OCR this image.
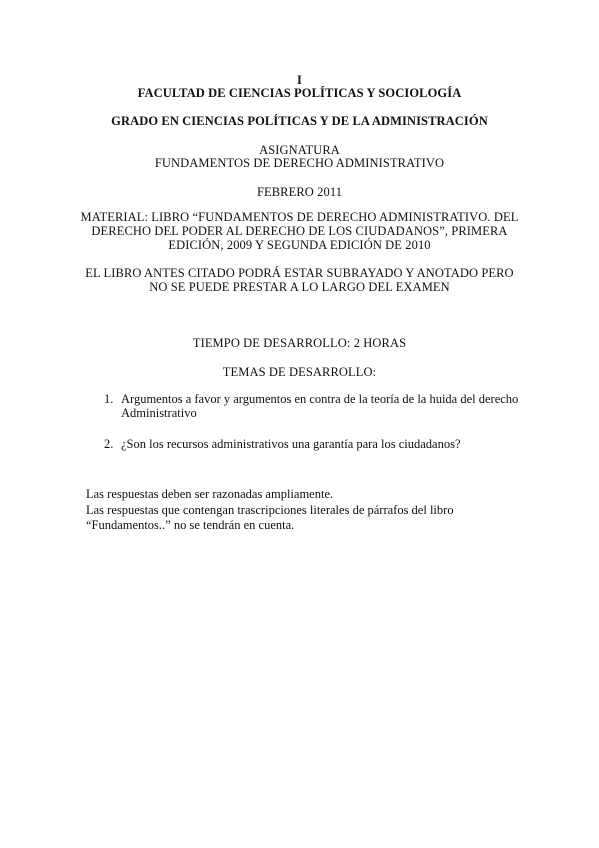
I
FACULTAD DE CIENCIAS POLÍTICAS Y SOCIOLOGÍA
GRADO EN CIENCIAS POLÍTICAS Y DE LA ADMINISTRACIÓN
ASIGNATURA
FUNDAMENTOS DE DERECHO ADMINISTRATIVO
FEBRERO 2011
MATERIAL: LIBRO “FUNDAMENTOS DE DERECHO ADMINISTRATIVO. DEL DERECHO DEL PODER AL DERECHO DE LOS CIUDADANOS”, PRIMERA EDICIÓN, 2009 Y SEGUNDA EDICIÓN DE 2010
EL LIBRO ANTES CITADO PODRÁ ESTAR SUBRAYADO Y ANOTADO PERO NO SE PUEDE PRESTAR A LO LARGO DEL EXAMEN
TIEMPO DE DESARROLLO: 2 HORAS
TEMAS DE DESARROLLO:
1. Argumentos a favor y argumentos en contra de la teoría de la huida del derecho Administrativo
2. ¿Son los recursos administrativos una garantía para los ciudadanos?
Las respuestas deben ser razonadas ampliamente.
Las respuestas que contengan trascripciones literales de párrafos del libro
“Fundamentos..” no se tendrán en cuenta.
